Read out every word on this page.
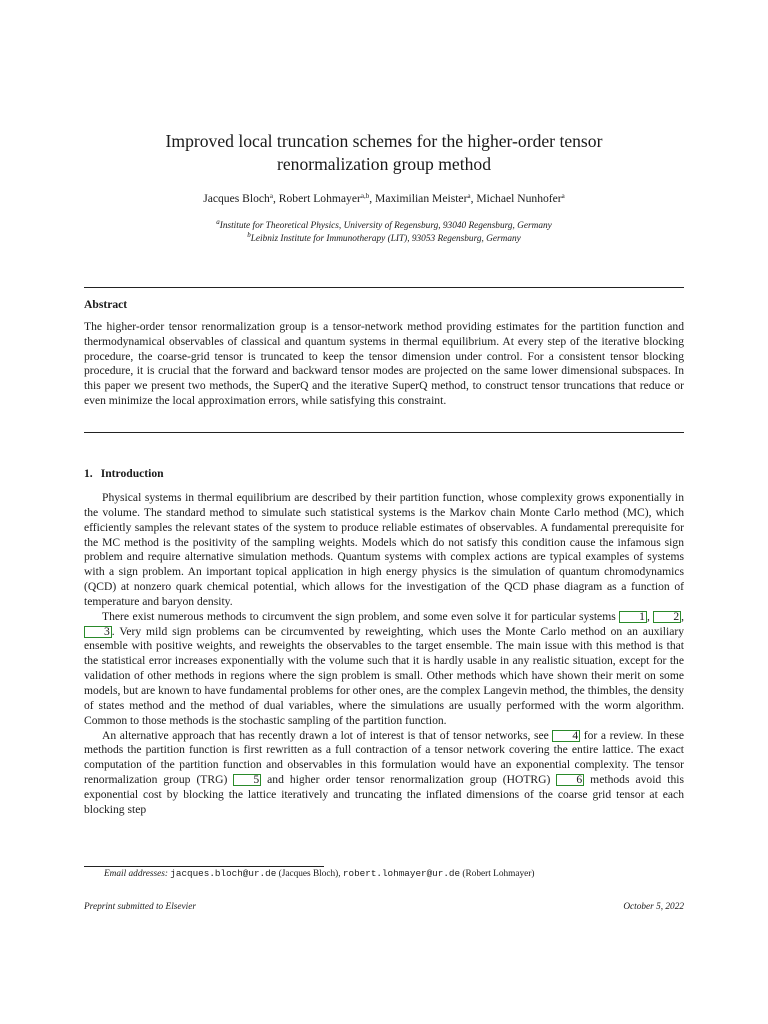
Improved local truncation schemes for the higher-order tensor
renormalization group method
Jacques Bloch$^a$, Robert Lohmayer$^{a,b}$, Maximilian Meister$^a$, Michael Nunhofer$^a$
$^a$Institute for Theoretical Physics, University of Regensburg, 93040 Regensburg, Germany
$^b$Leibniz Institute for Immunotherapy (LIT), 93053 Regensburg, Germany
Abstract
The higher-order tensor renormalization group is a tensor-network method providing estimates for the partition function and thermodynamical observables of classical and quantum systems in thermal equilibrium. At every step of the iterative blocking procedure, the coarse-grid tensor is truncated to keep the tensor dimension under control. For a consistent tensor blocking procedure, it is crucial that the forward and backward tensor modes are projected on the same lower dimensional subspaces. In this paper we present two methods, the SuperQ and the iterative SuperQ method, to construct tensor truncations that reduce or even minimize the local approximation errors, while satisfying this constraint.
1. Introduction

Physical systems in thermal equilibrium are described by their partition function, whose complexity grows exponentially in the volume. The standard method to simulate such statistical systems is the Markov chain Monte Carlo method (MC), which efficiently samples the relevant states of the system to produce reliable estimates of observables. A fundamental prerequisite for the MC method is the positivity of the sampling weights. Models which do not satisfy this condition cause the infamous sign problem and require alternative simulation methods. Quantum systems with complex actions are typical examples of systems with a sign problem. An important topical application in high energy physics is the simulation of quantum chromodynamics (QCD) at nonzero quark chemical potential, which allows for the investigation of the QCD phase diagram as a function of temperature and baryon density.

There exist numerous methods to circumvent the sign problem, and some even solve it for particular systems 1 , 2 , 3 . Very mild sign problems can be circumvented by reweighting, which uses the Monte Carlo method on an auxiliary ensemble with positive weights, and reweights the observables to the target ensemble. The main issue with this method is that the statistical error increases exponentially with the volume such that it is hardly usable in any realistic situation, except for the validation of other methods in regions where the sign problem is small. Other methods which have shown their merit on some models, but are known to have fundamental problems for other ones, are the complex Langevin method, the thimbles, the density of states method and the method of dual variables, where the simulations are usually performed with the worm algorithm. Common to those methods is the stochastic sampling of the partition function.

An alternative approach that has recently drawn a lot of interest is that of tensor networks, see 4 for a review. In these methods the partition function is first rewritten as a full contraction of a tensor network covering the entire lattice. The exact computation of the partition function and observables in this formulation would have an exponential complexity. The tensor renormalization group (TRG) 5 and higher order tensor renormalization group (HOTRG) 6 methods avoid this exponential cost by blocking the lattice iteratively and truncating the inflated dimensions of the coarse grid tensor at each blocking step

Email addresses: jacques.bloch@ur.de (Jacques Bloch), robert.lohmayer@ur.de (Robert Lohmayer)
Preprint submitted to Elsevier	October 5, 2022
